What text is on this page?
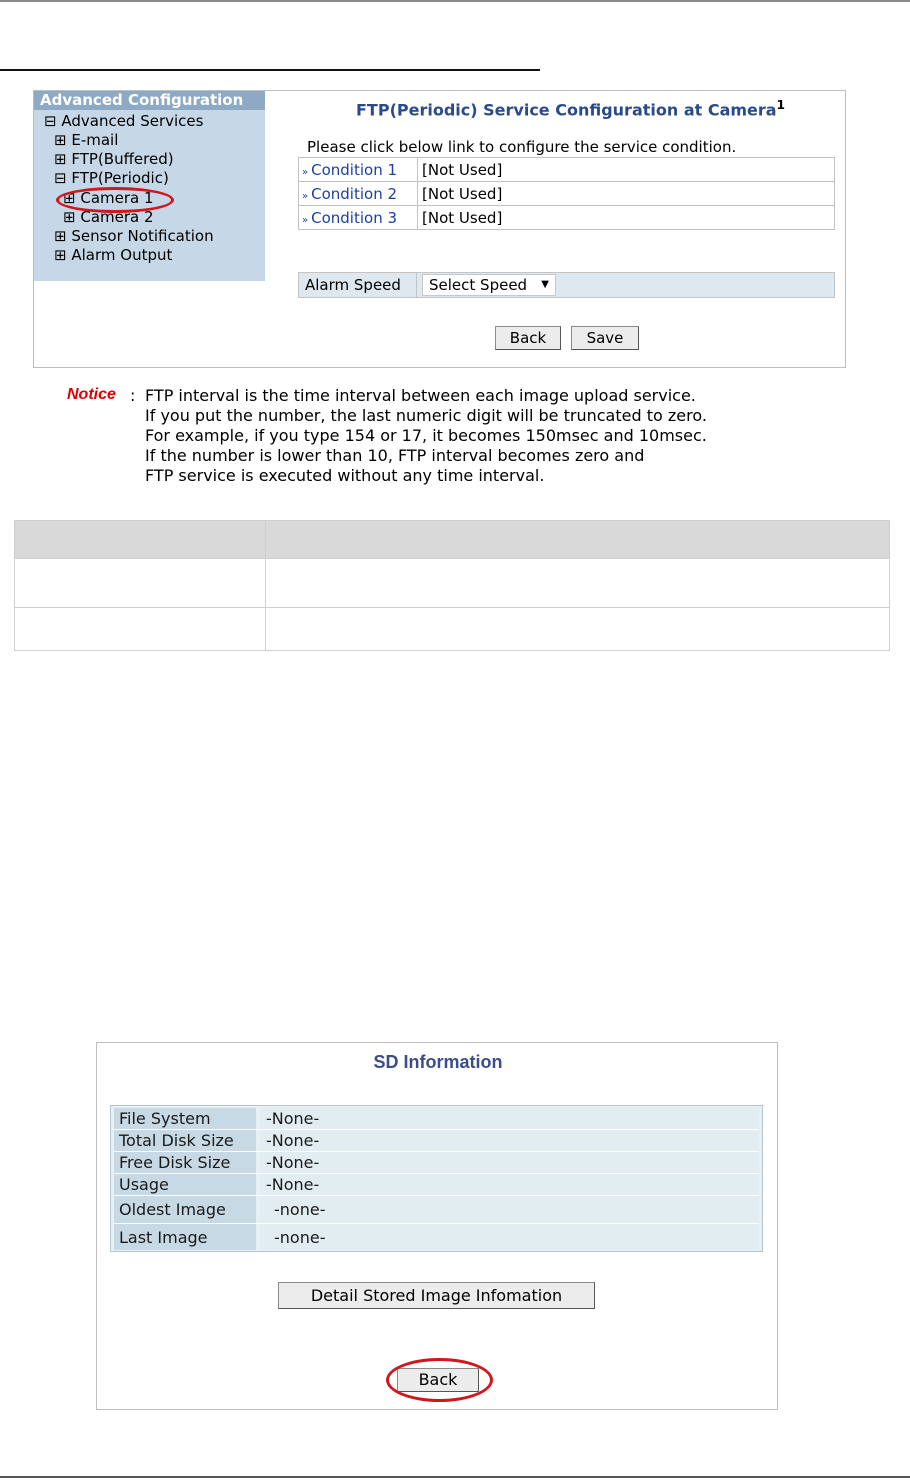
Advanced Configuration
⊟ Advanced Services
⊞ E-mail
⊞ FTP(Buffered)
⊟ FTP(Periodic)
⊞ Camera 1
⊞ Camera 2
⊞ Sensor Notification
⊞ Alarm Output
FTP(Periodic) Service Configuration at Camera$^1$
Please click below link to configure the service condition.
» Condition 1	[Not Used]
» Condition 2	[Not Used]
» Condition 3	[Not Used]
Alarm Speed	Select Speed ▼
Back	Save
Notice : FTP interval is the time interval between each image upload service.
If you put the number, the last numeric digit will be truncated to zero.
For example, if you type 154 or 17, it becomes 150msec and 10msec.
If the number is lower than 10, FTP interval becomes zero and
FTP service is executed without any time interval.

SD Information
File System	-None-
Total Disk Size	-None-
Free Disk Size	-None-
Usage	-None-
Oldest Image	-none-
Last Image	-none-
Detail Stored Image Infomation
Back
